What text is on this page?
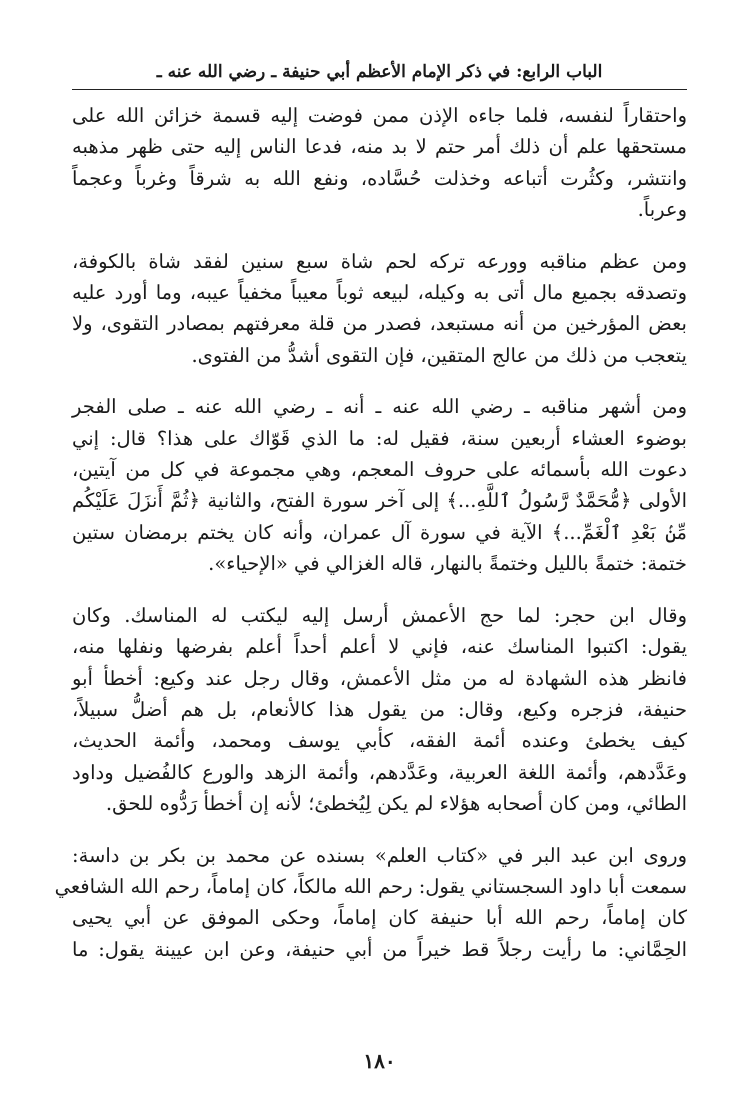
الباب الرابع: في ذكر الإمام الأعظم أبي حنيفة ـ رضي الله عنه ـ

واحتقاراً لنفسه، فلما جاءه الإذن ممن فوضت إليه قسمة خزائن الله على
مستحقها علم أن ذلك أمر حتم لا بد منه، فدعا الناس إليه حتى ظهر مذهبه
وانتشر، وكثُرت أتباعه وخذلت حُسَّاده، ونفع الله به شرقاً وغرباً وعجماً
وعرباً.

ومن عظم مناقبه وورعه تركه لحم شاة سبع سنين لفقد شاة بالكوفة،
وتصدقه بجميع مال أتى به وكيله، لبيعه ثوباً معيباً مخفياً عيبه، وما أورد عليه
بعض المؤرخين من أنه مستبعد، فصدر من قلة معرفتهم بمصادر التقوى، ولا
يتعجب من ذلك من عالج المتقين، فإن التقوى أشدُّ من الفتوى.

ومن أشهر مناقبه ـ رضي الله عنه ـ أنه ـ رضي الله عنه ـ صلى الفجر
بوضوء العشاء أربعين سنة، فقيل له: ما الذي قَوّاك على هذا؟ قال: إني
دعوت الله بأسمائه على حروف المعجم، وهي مجموعة في كل من آيتين،
الأولى ﴿مُّحَمَّدٌ رَّسُولُ ٱللَّهِ...﴾ إلى آخر سورة الفتح، والثانية ﴿ثُمَّ أَنزَلَ عَلَيْكُم
مِّنۢ بَعْدِ ٱلْغَمِّ...﴾ الآية في سورة آل عمران، وأنه كان يختم برمضان ستين
ختمة: ختمةً بالليل وختمةً بالنهار، قاله الغزالي في «الإحياء».

وقال ابن حجر: لما حج الأعمش أرسل إليه ليكتب له المناسك. وكان
يقول: اكتبوا المناسك عنه، فإني لا أعلم أحداً أعلم بفرضها ونفلها منه،
فانظر هذه الشهادة له من مثل الأعمش، وقال رجل عند وكيع: أخطأ أبو
حنيفة، فزجره وكيع، وقال: من يقول هذا كالأنعام، بل هم أضلُّ سبيلاً،
كيف يخطئ وعنده أئمة الفقه، كأبي يوسف ومحمد، وأئمة الحديث،
وعَدَّدهم، وأئمة اللغة العربية، وعَدَّدهم، وأئمة الزهد والورع كالفُضيل وداود
الطائي، ومن كان أصحابه هؤلاء لم يكن لِيُخطئ؛ لأنه إن أخطأ رَدُّوه للحق.

وروى ابن عبد البر في «كتاب العلم» بسنده عن محمد بن بكر بن داسة:
سمعت أبا داود السجستاني يقول: رحم الله مالكاً، كان إماماً، رحم الله الشافعي
كان إماماً، رحم الله أبا حنيفة كان إماماً، وحكى الموفق عن أبي يحيى
الحِمَّاني: ما رأيت رجلاً قط خيراً من أبي حنيفة، وعن ابن عيينة يقول: ما

١٨٠
